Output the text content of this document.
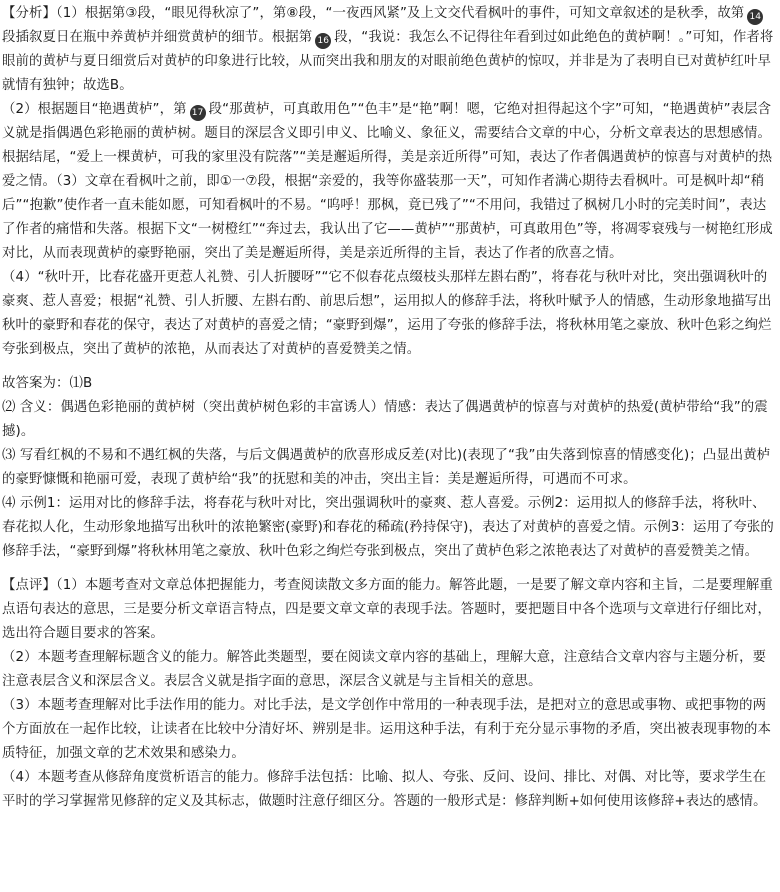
【分析】（1）根据第③段，“眼见得秋凉了”，第⑧段，“一夜西风紧”及上文交代看枫叶的事件，可知文章叙述的是秋季，故第 14段插叙夏日在瓶中养黄栌并细赏黄栌的细节。根据第 16 段，“我说：我怎么不记得往年看到过如此绝色的黄栌啊！。”可知，作者将眼前的黄栌与夏日细赏后对黄栌的印象进行比较，从而突出我和朋友的对眼前绝色黄栌的惊叹，并非是为了表明自已对黄栌红叶早就情有独钟；故选B。

（2）根据题目“艳遇黄栌”，第 17 段“那黄栌，可真敢用色”“色丰”是“艳”啊！嗯，它绝对担得起这个字”可知，“艳遇黄栌”表层含义就是指偶遇色彩艳丽的黄栌树。题目的深层含义即引申义、比喻义、象征义，需要结合文章的中心，分析文章表达的思想感情。根据结尾，“爱上一棵黄栌，可我的家里没有院落”“美是邂逅所得，美是亲近所得”可知，表达了作者偶遇黄栌的惊喜与对黄栌的热爱之情。（3）文章在看枫叶之前，即①一⑦段，根据“亲爱的，我等你盛装那一天”，可知作者满心期待去看枫叶。可是枫叶却“稍后”“抱歉”使作者一直未能如愿，可知看枫叶的不易。“呜呼！那枫，竟已残了”“不用问，我错过了枫树几小时的完美时间”，表达了作者的痛惜和失落。根据下文“一树橙红”“奔过去，我认出了它——黄栌”“那黄栌，可真敢用色”等，将凋零衰残与一树艳红形成对比，从而表现黄栌的豪野艳丽，突出了美是邂逅所得，美是亲近所得的主旨，表达了作者的欣喜之情。

（4）“秋叶开，比春花盛开更惹人礼赞、引人折腰呀”“它不似春花点缀枝头那样左斟右酌”，将春花与秋叶对比，突出强调秋叶的豪爽、惹人喜爱；根据“礼赞、引人折腰、左斟右酌、前思后想”，运用拟人的修辞手法，将秋叶赋予人的情感，生动形象地描写出秋叶的豪野和春花的保守，表达了对黄栌的喜爱之情；“豪野到爆”，运用了夸张的修辞手法，将秋林用笔之豪放、秋叶色彩之绚烂夸张到极点，突出了黄栌的浓艳，从而表达了对黄栌的喜爱赞美之情。

故答案为：⑴B

⑵ 含义：偶遇色彩艳丽的黄栌树（突出黄栌树色彩的丰富诱人）情感：表达了偶遇黄栌的惊喜与对黄栌的热爱(黄栌带给“我”的震撼)。

⑶ 写看红枫的不易和不遇红枫的失落，与后文偶遇黄栌的欣喜形成反差(对比)(表现了“我”由失落到惊喜的情感变化)；凸显出黄栌的豪野慷慨和艳丽可爱，表现了黄栌给“我”的抚慰和美的冲击，突出主旨：美是邂逅所得，可遇而不可求。

⑷ 示例1：运用对比的修辞手法，将春花与秋叶对比，突出强调秋叶的豪爽、惹人喜爱。示例2：运用拟人的修辞手法，将秋叶、春花拟人化，生动形象地描写出秋叶的浓艳繁密(豪野)和春花的稀疏(矜持保守)，表达了对黄栌的喜爱之情。示例3：运用了夸张的修辞手法，“豪野到爆”将秋林用笔之豪放、秋叶色彩之绚烂夸张到极点，突出了黄栌色彩之浓艳表达了对黄栌的喜爱赞美之情。

【点评】（1）本题考查对文章总体把握能力，考查阅读散文多方面的能力。解答此题，一是要了解文章内容和主旨，二是要理解重点语句表达的意思，三是要分析文章语言特点，四是要文章文章的表现手法。答题时，要把题目中各个选项与文章进行仔细比对，选出符合题目要求的答案。

（2）本题考查理解标题含义的能力。解答此类题型，要在阅读文章内容的基础上，理解大意，注意结合文章内容与主题分析，要注意表层含义和深层含义。表层含义就是指字面的意思，深层含义就是与主旨相关的意思。

（3）本题考查理解对比手法作用的能力。对比手法，是文学创作中常用的一种表现手法，是把对立的意思或事物、或把事物的两个方面放在一起作比较，让读者在比较中分清好坏、辨别是非。运用这种手法，有利于充分显示事物的矛盾，突出被表现事物的本质特征，加强文章的艺术效果和感染力。

（4）本题考查从修辞角度赏析语言的能力。修辞手法包括：比喻、拟人、夸张、反问、设问、排比、对偶、对比等，要求学生在平时的学习掌握常见修辞的定义及其标志，做题时注意仔细区分。答题的一般形式是：修辞判断+如何使用该修辞+表达的感情。
